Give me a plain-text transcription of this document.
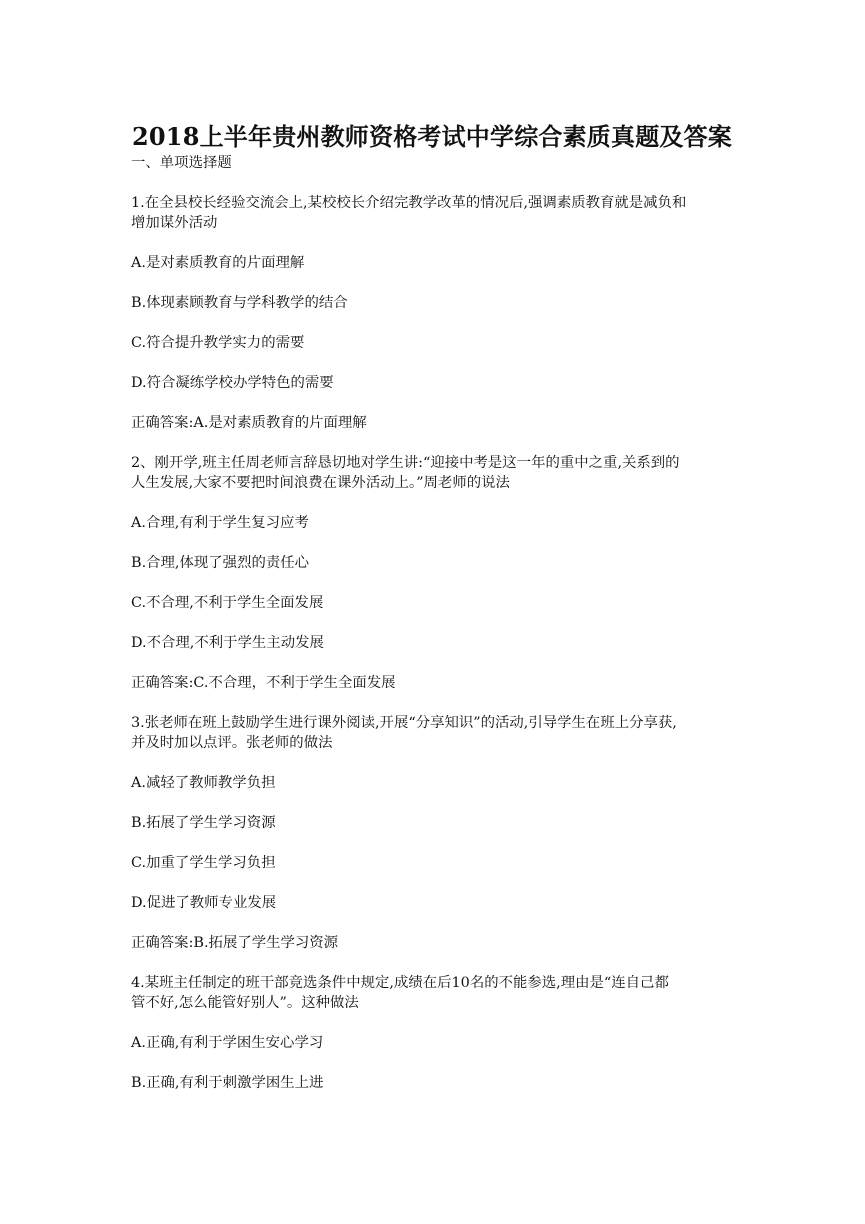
2018上半年贵州教师资格考试中学综合素质真题及答案

一、单项选择题

1.在全县校长经验交流会上,某校校长介绍完教学改革的情况后,强调素质教育就是减负和
增加谋外活动

A.是对素质教育的片面理解

B.体现素顾教育与学科教学的结合

C.符合提升教学实力的需要

D.符合凝练学校办学特色的需要

正确答案:A.是对素质教育的片面理解

2、刚开学,班主任周老师言辞恳切地对学生讲:“迎接中考是这一年的重中之重,关系到的
人生发展,大家不要把时间浪费在课外活动上。”周老师的说法

A.合理,有利于学生复习应考

B.合理,体现了强烈的责任心

C.不合理,不利于学生全面发展

D.不合理,不利于学生主动发展

正确答案:C.不合理，不利于学生全面发展

3.张老师在班上鼓励学生进行课外阅读,开展“分享知识”的活动,引导学生在班上分享获,
并及时加以点评。张老师的做法

A.减轻了教师教学负担

B.拓展了学生学习资源

C.加重了学生学习负担

D.促进了教师专业发展

正确答案:B.拓展了学生学习资源

4.某班主任制定的班干部竞选条件中规定,成绩在后10名的不能参选,理由是“连自己都
管不好,怎么能管好别人”。这种做法

A.正确,有利于学困生安心学习

B.正确,有利于刺激学困生上进
